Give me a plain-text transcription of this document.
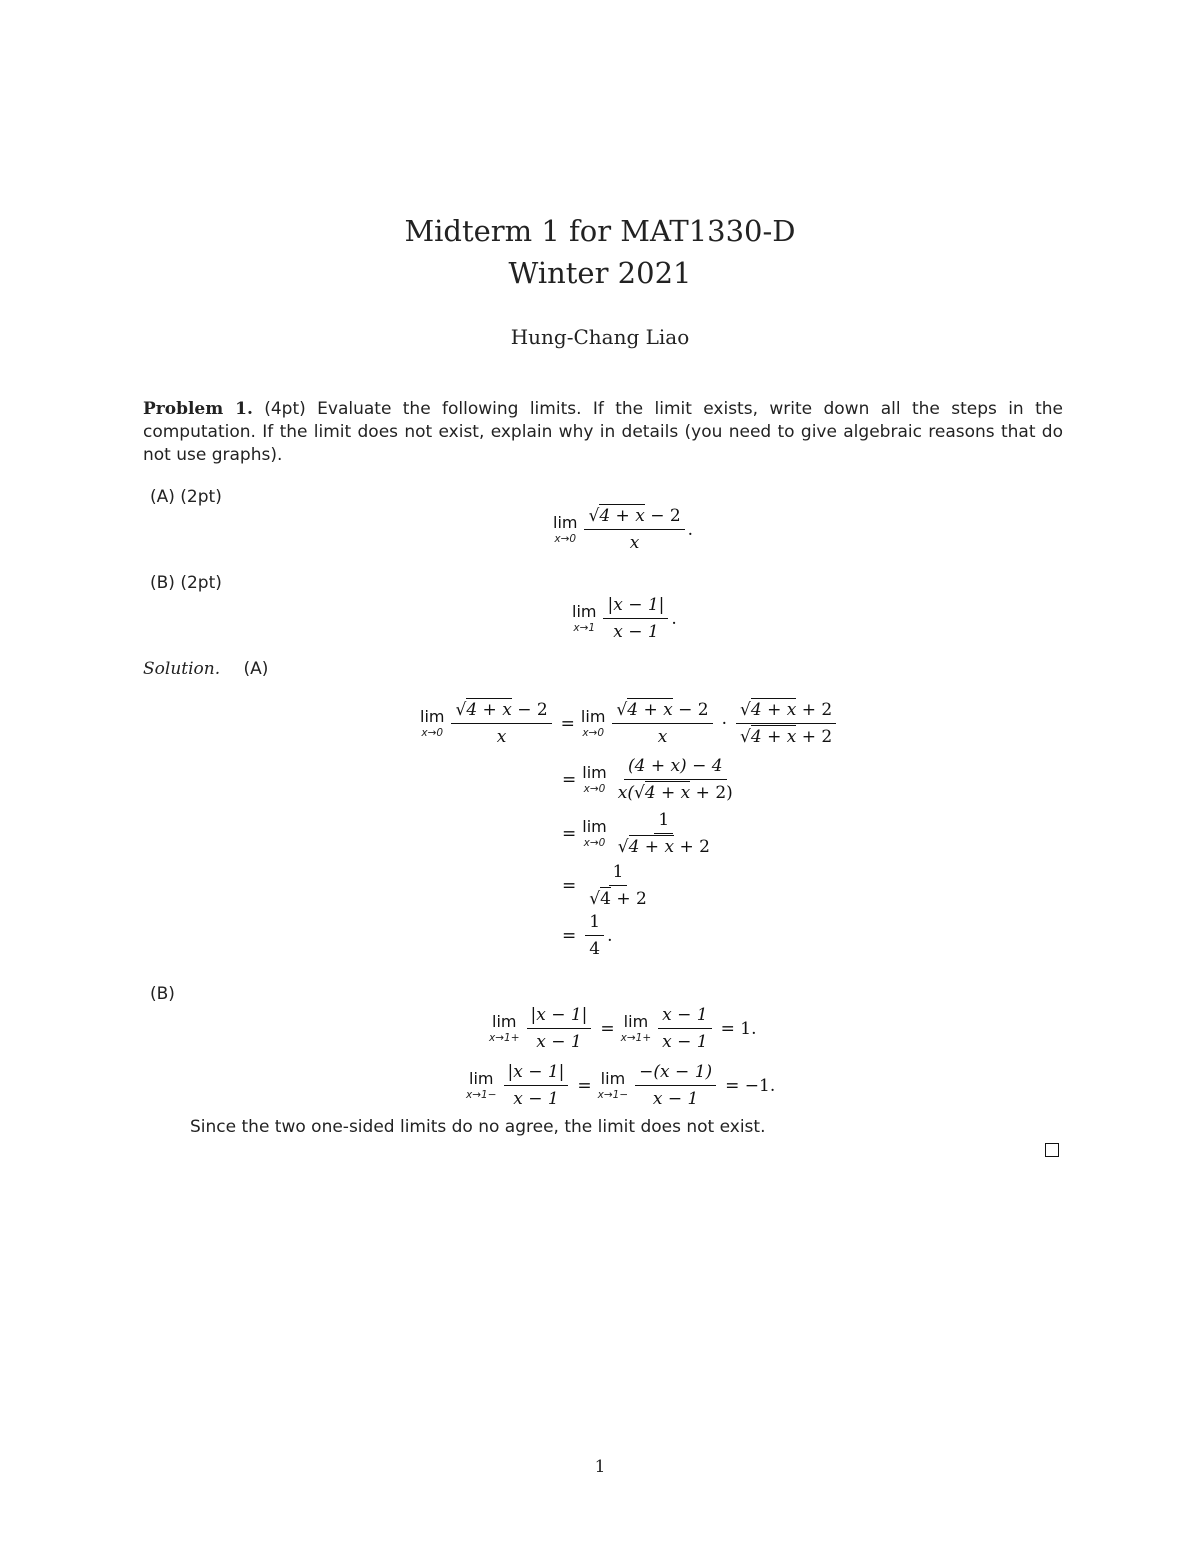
Midterm 1 for MAT1330-D
Winter 2021
Hung-Chang Liao
Problem 1. (4pt) Evaluate the following limits. If the limit exists, write down all the steps in the computation. If the limit does not exist, explain why in details (you need to give algebraic reasons that do not use graphs).
(A) (2pt)
lim
$x\to 0 \frac{√4 + x - 2}{x}$ .
(B) (2pt)
lim
$x\to 1 \frac{|x - 1|}{x - 1}$ .
Solution. (A)
lim
$x\to 0 \frac{√4 + x - 2}{x} = \lim$
$x\to 0 \frac{√4 + x - 2}{x} \cdot \frac{√4 + x + 2}{√4 + x + 2}$
= lim
$x\to 0 \frac{(4 + x) - 4}{x(√4 + x + 2)}$
= lim
$x\to 0 \frac{1}{√4 + x + 2}$
= $\frac{1}{√4 + 2}$
= $\frac{1}{4}$ .
(B)
lim
$x\to 1+ \frac{|x - 1|}{x - 1} = \lim$
$x\to 1+ \frac{x - 1}{x - 1} = 1$.
lim
$x\to 1- \frac{|x - 1|}{x - 1} = \lim$
$x\to 1- \frac{-(x - 1)}{x - 1} = -1$.
Since the two one-sided limits do no agree, the limit does not exist.
1
